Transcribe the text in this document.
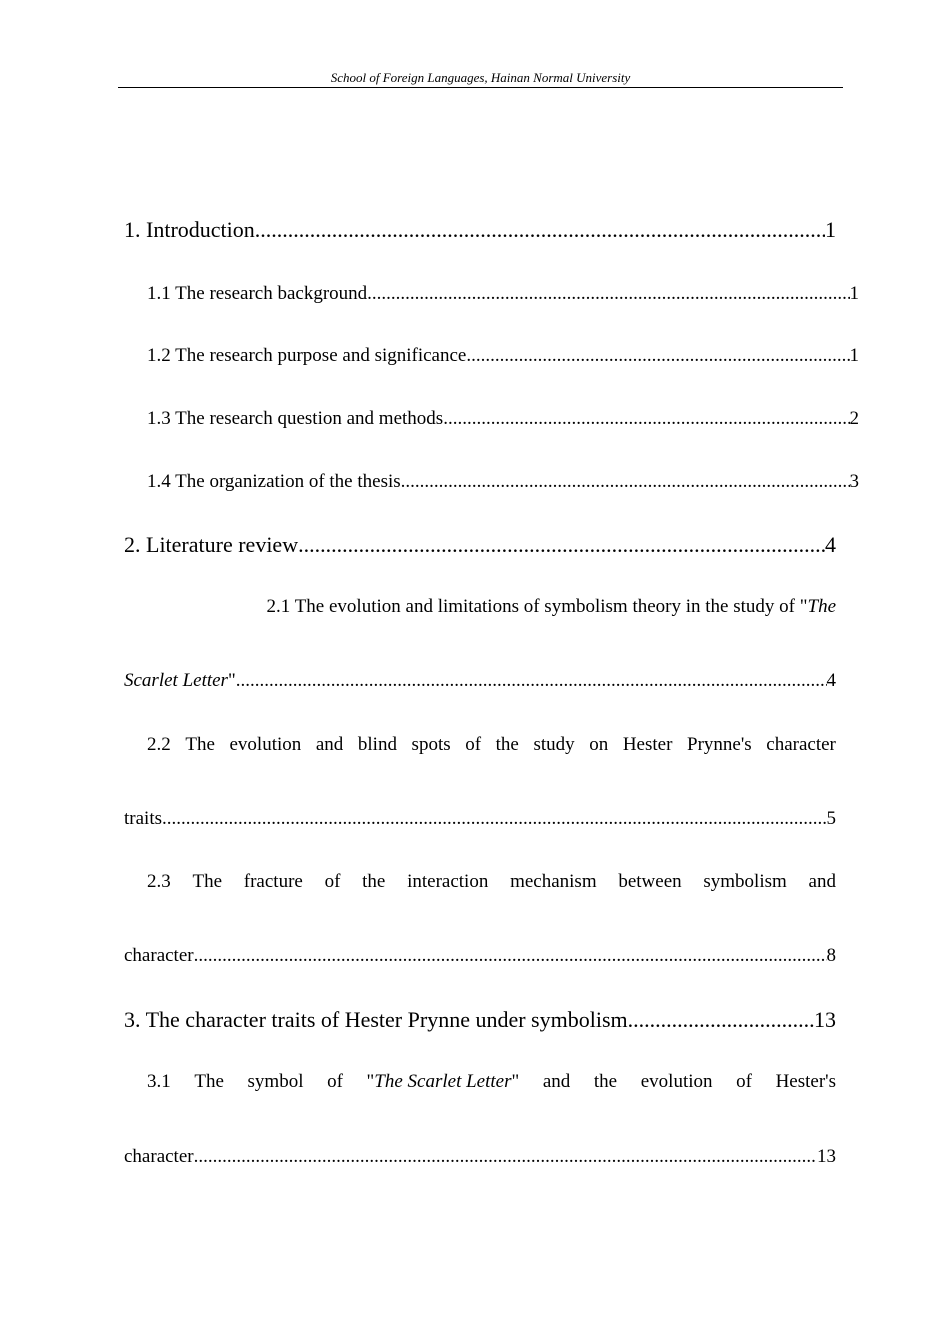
School of Foreign Languages, Hainan Normal University
1. Introduction .....	1
1.1 The research background .....	1
1.2 The research purpose and significance .....	1
1.3 The research question and methods .....	2
1.4 The organization of the thesis .....	3
2. Literature review .....	4
2.1 The evolution and limitations of symbolism theory in the study of "The
Scarlet Letter" .....	4
2.2 The evolution and blind spots of the study on Hester Prynne's character
traits .....	5
2.3 The fracture of the interaction mechanism between symbolism and
character .....	8
3. The character traits of Hester Prynne under symbolism .....	13
3.1 The symbol of "The Scarlet Letter" and the evolution of Hester's
character .....	13
